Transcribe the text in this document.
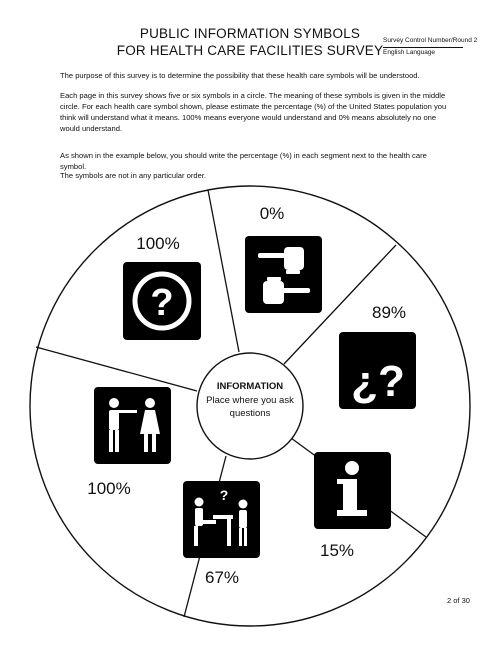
PUBLIC INFORMATION SYMBOLS
FOR HEALTH CARE FACILITIES SURVEY
Survey Control Number/Round 2
English Language

The purpose of this survey is to determine the possibility that these health care symbols will be understood.

Each page in this survey shows five or six symbols in a circle. The meaning of these symbols is given in the middle circle. For each health care symbol shown, please estimate the percentage (%) of the United States population you think will understand what it means. 100% means everyone would understand and 0% means absolutely no one would understand.

As shown in the example below, you should write the percentage (%) in each segment next to the health care symbol.

The symbols are not in any particular order.

INFORMATION
Place where you ask
questions
0%
89%
15%
67%
100%
100%
?
¿?
?
2 of 30
